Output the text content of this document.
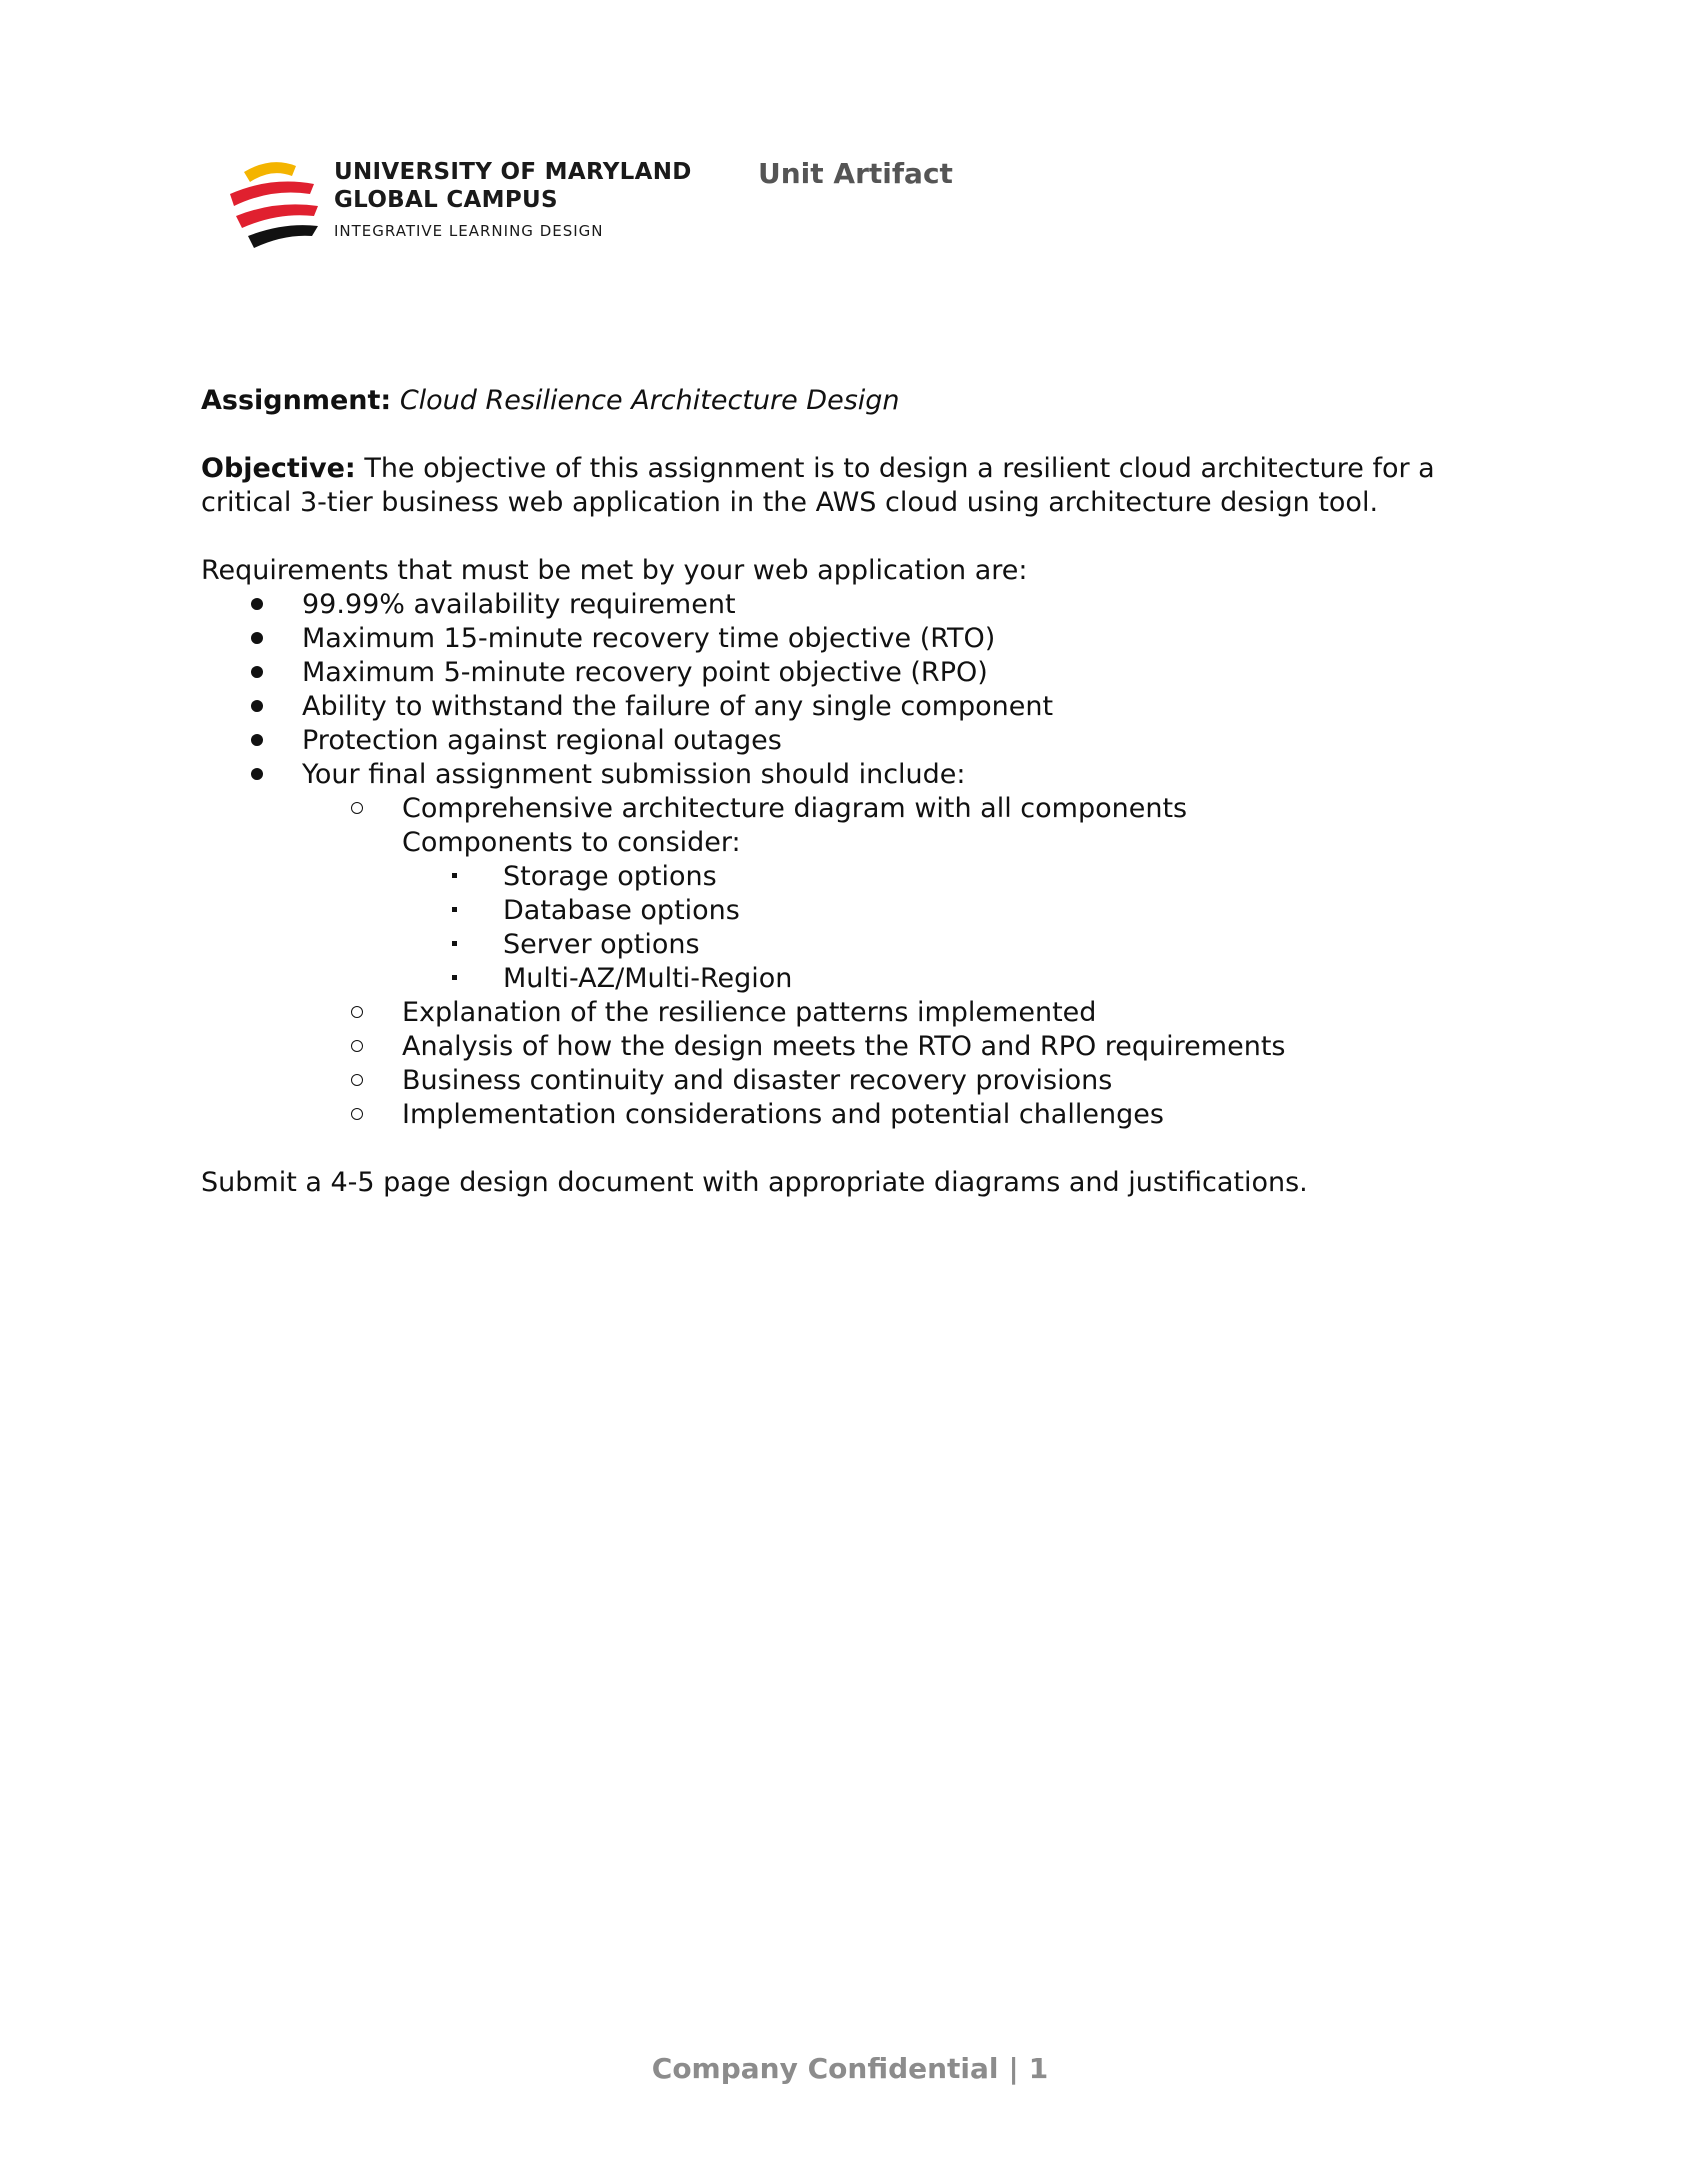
UNIVERSITY OF MARYLAND
GLOBAL CAMPUS
INTEGRATIVE LEARNING DESIGN
Unit Artifact

Assignment: Cloud Resilience Architecture Design

Objective: The objective of this assignment is to design a resilient cloud architecture for a
critical 3-tier business web application in the AWS cloud using architecture design tool.

Requirements that must be met by your web application are:

99.99% availability requirement
Maximum 15-minute recovery time objective (RTO)
Maximum 5-minute recovery point objective (RPO)
Ability to withstand the failure of any single component
Protection against regional outages
Your final assignment submission should include:
Comprehensive architecture diagram with all components
Components to consider:
Storage options
Database options
Server options
Multi-AZ/Multi-Region
Explanation of the resilience patterns implemented
Analysis of how the design meets the RTO and RPO requirements
Business continuity and disaster recovery provisions
Implementation considerations and potential challenges

Submit a 4-5 page design document with appropriate diagrams and justifications.

Company Confidential | 1
